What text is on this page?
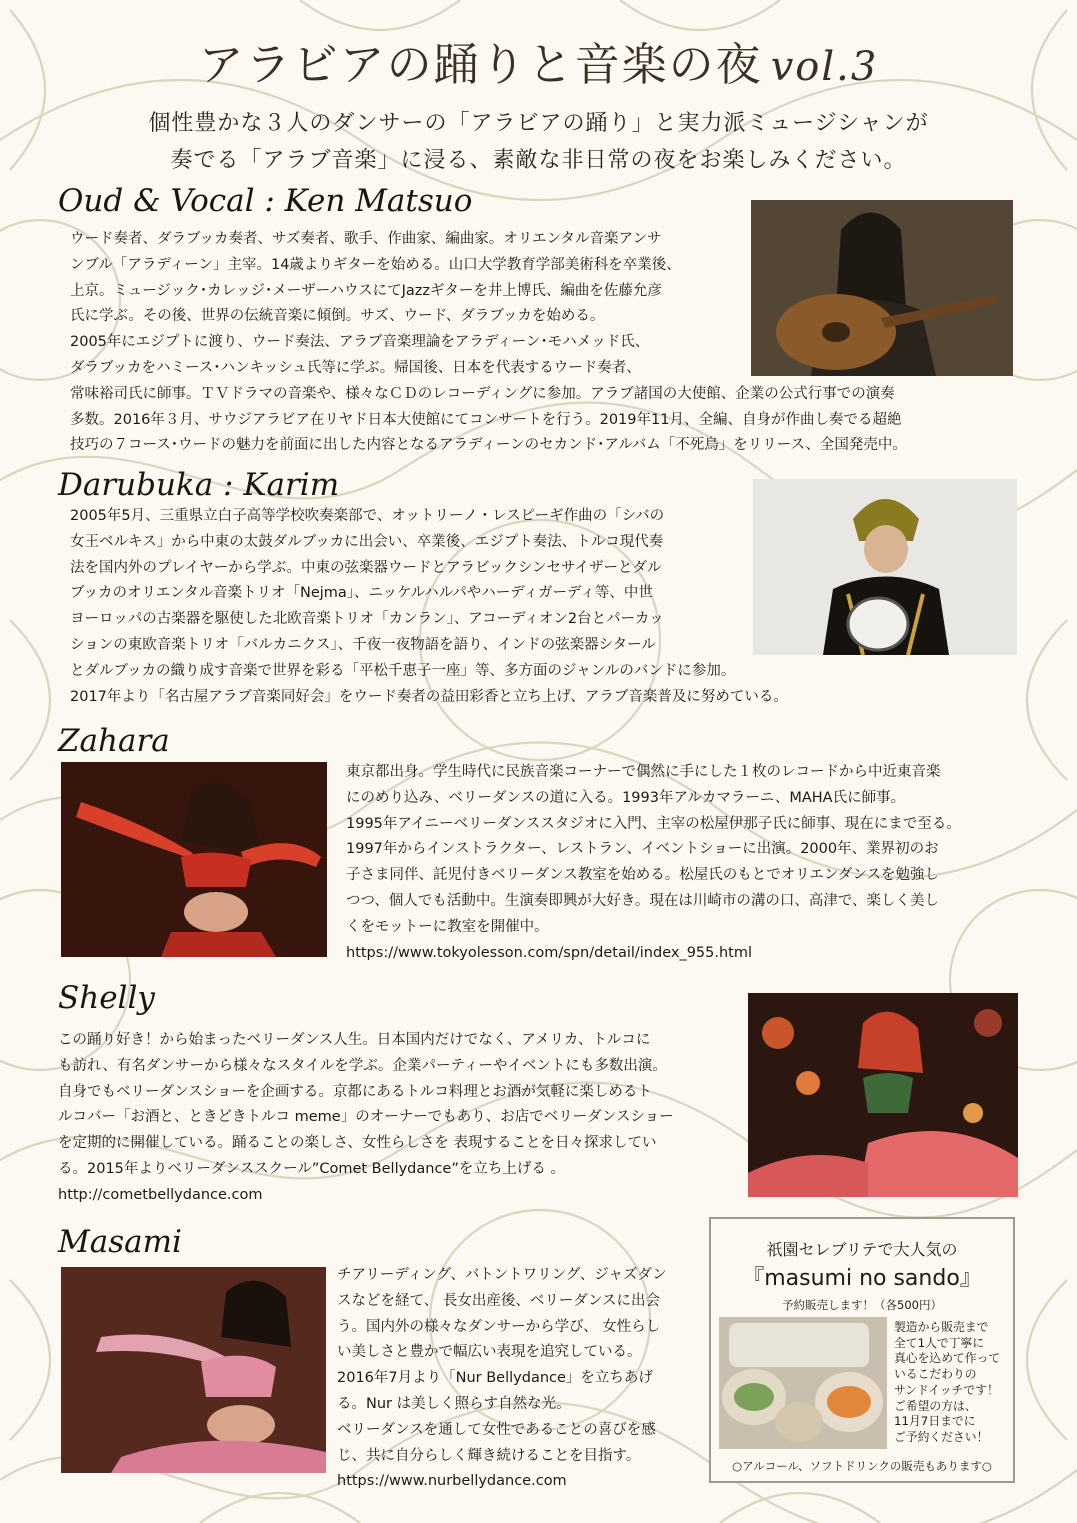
アラビアの踊りと音楽の夜 vol.3
個性豊かな３人のダンサーの「アラビアの踊り」と実力派ミュージシャンが
奏でる「アラブ音楽」に浸る、素敵な非日常の夜をお楽しみください。
Oud & Vocal : Ken Matsuo
ウード奏者、ダラブッカ奏者、サズ奏者、歌手、作曲家、編曲家。オリエンタル音楽アンサ
ンブル「アラディーン」主宰。14歳よりギターを始める。山口大学教育学部美術科を卒業後、
上京。ミュージック･カレッジ･メーザーハウスにてJazzギターを井上博氏、編曲を佐藤允彦
氏に学ぶ。その後、世界の伝統音楽に傾倒。サズ、ウード、ダラブッカを始める。
2005年にエジプトに渡り、ウード奏法、アラブ音楽理論をアラディーン･モハメッド氏、
ダラブッカをハミース･ハンキッシュ氏等に学ぶ。帰国後、日本を代表するウード奏者、
常味裕司氏に師事。ＴＶドラマの音楽や、様々なＣＤのレコーディングに参加。アラブ諸国の大使館、企業の公式行事での演奏
多数。2016年３月、サウジアラビア在リヤド日本大使館にてコンサートを行う。2019年11月、全編、自身が作曲し奏でる超絶
技巧の７コース･ウードの魅力を前面に出した内容となるアラディーンのセカンド･アルバム「不死鳥」をリリース、全国発売中。
Darubuka : Karim
2005年5月、三重県立白子高等学校吹奏楽部で、オットリーノ・レスピーギ作曲の「シバの
女王ベルキス」から中東の太鼓ダルブッカに出会い、卒業後、エジプト奏法、トルコ現代奏
法を国内外のプレイヤーから学ぶ。中東の弦楽器ウードとアラビックシンセサイザーとダル
ブッカのオリエンタル音楽トリオ「Nejma」、ニッケルハルパやハーディガーディ等、中世
ヨーロッパの古楽器を駆使した北欧音楽トリオ「カンラン」、アコーディオン2台とパーカッ
ションの東欧音楽トリオ「バルカニクス」、千夜一夜物語を語り、インドの弦楽器シタール
とダルブッカの織り成す音楽で世界を彩る「平松千恵子一座」等、多方面のジャンルのバンドに参加。
2017年より「名古屋アラブ音楽同好会」をウード奏者の益田彩香と立ち上げ、アラブ音楽普及に努めている。
Zahara
東京都出身。学生時代に民族音楽コーナーで偶然に手にした１枚のレコードから中近東音楽
にのめり込み、ベリーダンスの道に入る。1993年アルカマラーニ、MAHA氏に師事。
1995年アイニーベリーダンススタジオに入門、主宰の松屋伊那子氏に師事、現在にまで至る。
1997年からインストラクター、レストラン、イベントショーに出演。2000年、業界初のお
子さま同伴、託児付きベリーダンス教室を始める。松屋氏のもとでオリエンダンスを勉強し
つつ、個人でも活動中。生演奏即興が大好き。現在は川崎市の溝の口、高津で、楽しく美し
くをモットーに教室を開催中。
https://www.tokyolesson.com/spn/detail/index_955.html
Shelly
この踊り好き！から始まったベリーダンス人生。日本国内だけでなく、アメリカ、トルコに
も訪れ、有名ダンサーから様々なスタイルを学ぶ。企業パーティーやイベントにも多数出演。
自身でもベリーダンスショーを企画する。京都にあるトルコ料理とお酒が気軽に楽しめるト
ルコバー「お酒と、ときどきトルコ meme」のオーナーでもあり、お店でベリーダンスショー
を定期的に開催している。踊ることの楽しさ、女性らしさを 表現することを日々探求してい
る。2015年よりベリーダンススクール”Comet Bellydance”を立ち上げる 。
http://cometbellydance.com
Masami
チアリーディング、バトントワリング、ジャズダン
スなどを経て、 長女出産後、ベリーダンスに出会
う。国内外の様々なダンサーから学び、 女性らし
い美しさと豊かで幅広い表現を追究している。
2016年7月より「Nur Bellydance」を立ちあげ
る。Nur は美しく照らす自然な光。
ベリーダンスを通して女性であることの喜びを感
じ、共に自分らしく輝き続けることを目指す。
https://www.nurbellydance.com
祇園セレブリテで大人気の
『masumi no sando』
予約販売します！（各500円）
製造から販売まで
全て1人で丁寧に
真心を込めて作って
いるこだわりの
サンドイッチです！
ご希望の方は、
11月7日までに
ご予約ください！
○アルコール、ソフトドリンクの販売もあります○
